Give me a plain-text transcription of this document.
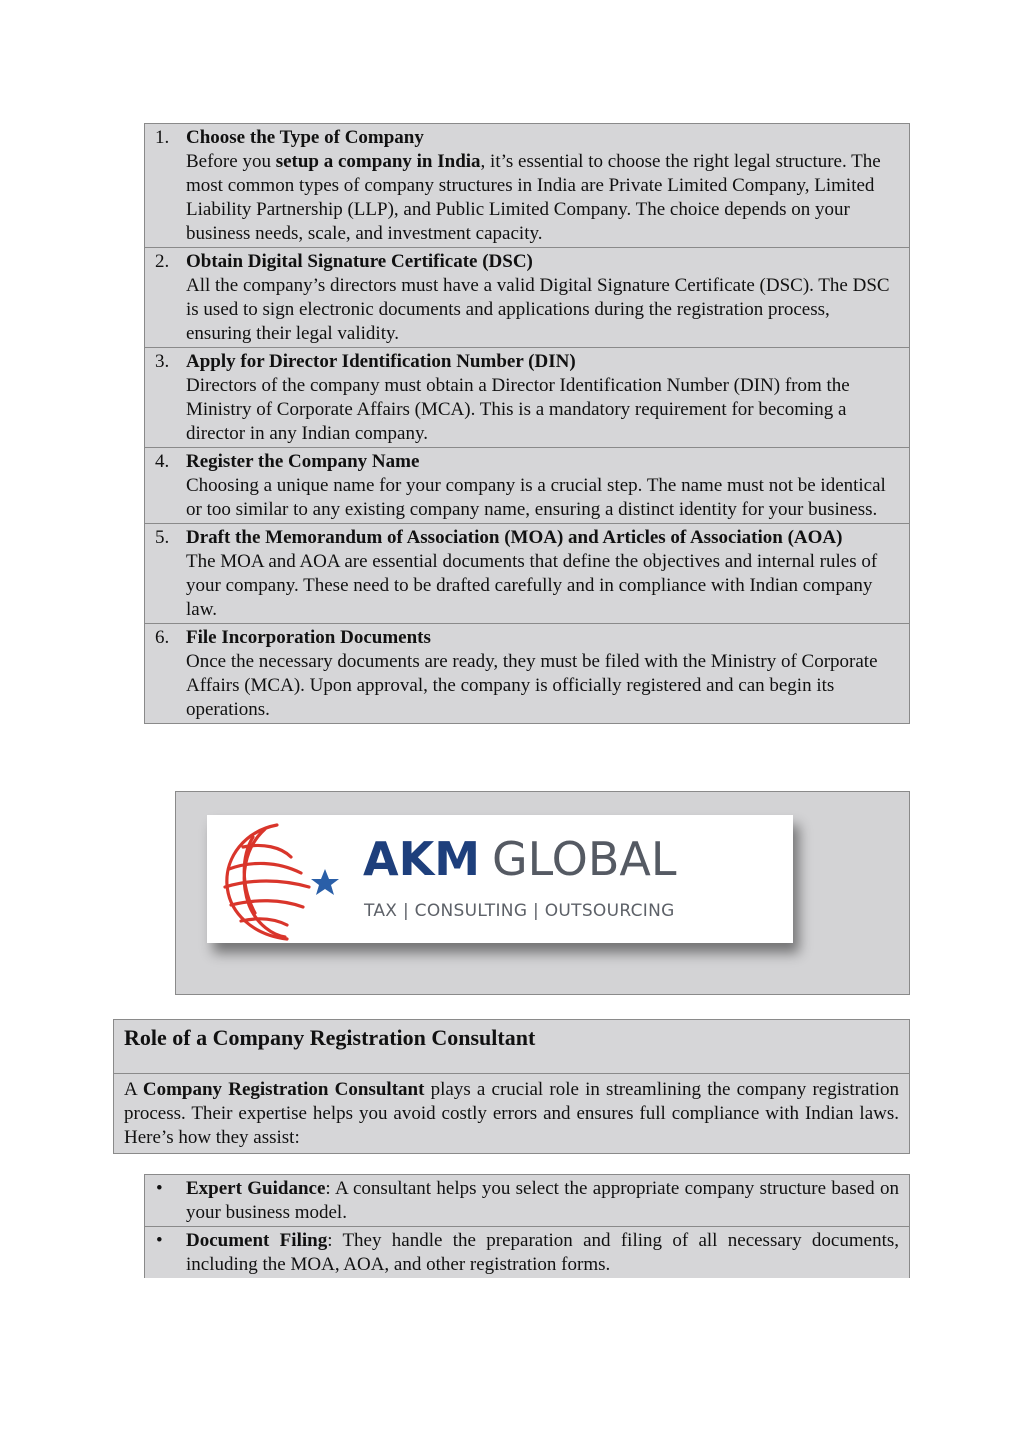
1. Choose the Type of Company
Before you setup a company in India, it’s essential to choose the right legal structure. The most common types of company structures in India are Private Limited Company, Limited Liability Partnership (LLP), and Public Limited Company. The choice depends on your business needs, scale, and investment capacity.
2. Obtain Digital Signature Certificate (DSC)
All the company’s directors must have a valid Digital Signature Certificate (DSC). The DSC is used to sign electronic documents and applications during the registration process, ensuring their legal validity.
3. Apply for Director Identification Number (DIN)
Directors of the company must obtain a Director Identification Number (DIN) from the Ministry of Corporate Affairs (MCA). This is a mandatory requirement for becoming a director in any Indian company.
4. Register the Company Name
Choosing a unique name for your company is a crucial step. The name must not be identical or too similar to any existing company name, ensuring a distinct identity for your business.
5. Draft the Memorandum of Association (MOA) and Articles of Association (AOA)
The MOA and AOA are essential documents that define the objectives and internal rules of your company. These need to be drafted carefully and in compliance with Indian company law.
6. File Incorporation Documents
Once the necessary documents are ready, they must be filed with the Ministry of Corporate Affairs (MCA). Upon approval, the company is officially registered and can begin its operations.
AKM GLOBAL
TAX | CONSULTING | OUTSOURCING
Role of a Company Registration Consultant
A Company Registration Consultant plays a crucial role in streamlining the company registration process. Their expertise helps you avoid costly errors and ensures full compliance with Indian laws. Here’s how they assist:
• Expert Guidance: A consultant helps you select the appropriate company structure based on your business model.
• Document Filing: They handle the preparation and filing of all necessary documents, including the MOA, AOA, and other registration forms.
